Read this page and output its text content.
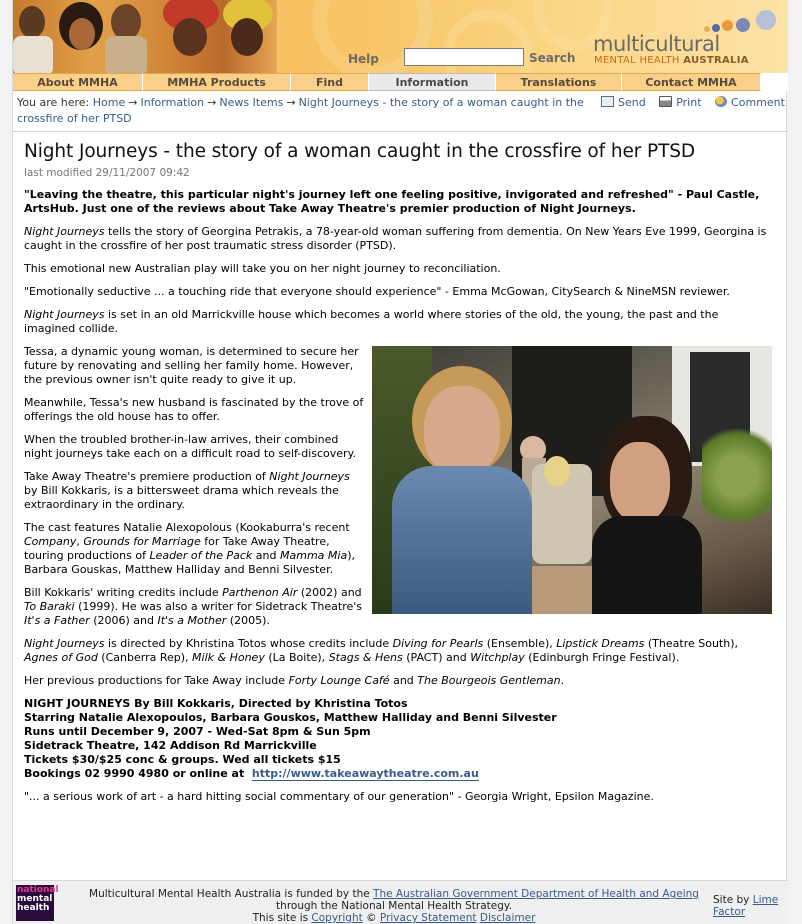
Help	Search
multicultural
MENTAL HEALTH AUSTRALIA
About MMHA	MMHA Products	Find	Information	Translations	Contact MMHA
You are here: Home → Information → News Items → Night Journeys - the story of a woman caught in the crossfire of her PTSD
Send	Print	Comment
Night Journeys - the story of a woman caught in the crossfire of her PTSD
last modified 29/11/2007 09:42

"Leaving the theatre, this particular night's journey left one feeling positive, invigorated and refreshed" - Paul Castle, ArtsHub. Just one of the reviews about Take Away Theatre's premier production of Night Journeys.

Night Journeys tells the story of Georgina Petrakis, a 78-year-old woman suffering from dementia. On New Years Eve 1999, Georgina is caught in the crossfire of her post traumatic stress disorder (PTSD).

This emotional new Australian play will take you on her night journey to reconciliation.

"Emotionally seductive ... a touching ride that everyone should experience" - Emma McGowan, CitySearch & NineMSN reviewer.

Night Journeys is set in an old Marrickville house which becomes a world where stories of the old, the young, the past and the imagined collide.

Tessa, a dynamic young woman, is determined to secure her future by renovating and selling her family home. However, the previous owner isn't quite ready to give it up.

Meanwhile, Tessa's new husband is fascinated by the trove of offerings the old house has to offer.

When the troubled brother-in-law arrives, their combined night journeys take each on a difficult road to self-discovery.

Take Away Theatre's premiere production of Night Journeys by Bill Kokkaris, is a bittersweet drama which reveals the extraordinary in the ordinary.

The cast features Natalie Alexopolous (Kookaburra's recent Company, Grounds for Marriage for Take Away Theatre, touring productions of Leader of the Pack and Mamma Mia), Barbara Gouskas, Matthew Halliday and Benni Silvester.

Bill Kokkaris' writing credits include Parthenon Air (2002) and To Baraki (1999). He was also a writer for Sidetrack Theatre's It's a Father (2006) and It's a Mother (2005).

Night Journeys is directed by Khristina Totos whose credits include Diving for Pearls (Ensemble), Lipstick Dreams (Theatre South), Agnes of God (Canberra Rep), Milk & Honey (La Boite), Stags & Hens (PACT) and Witchplay (Edinburgh Fringe Festival).

Her previous productions for Take Away include Forty Lounge Café and The Bourgeois Gentleman.

NIGHT JOURNEYS By Bill Kokkaris, Directed by Khristina Totos

Starring Natalie Alexopoulos, Barbara Gouskos, Matthew Halliday and Benni Silvester

Runs until December 9, 2007 - Wed-Sat 8pm & Sun 5pm

Sidetrack Theatre, 142 Addison Rd Marrickville

Tickets $30/$25 conc & groups. Wed all tickets $15

Bookings 02 9990 4980 or online at http://www.takeawaytheatre.com.au

"... a serious work of art - a hard hitting social commentary of our generation" - Georgia Wright, Epsilon Magazine.

national
mental
health
Multicultural Mental Health Australia is funded by the The Australian Government Department of Health and Ageing through the National Mental Health Strategy.
This site is Copyright © Privacy Statement Disclaimer
Site by Lime Factor
